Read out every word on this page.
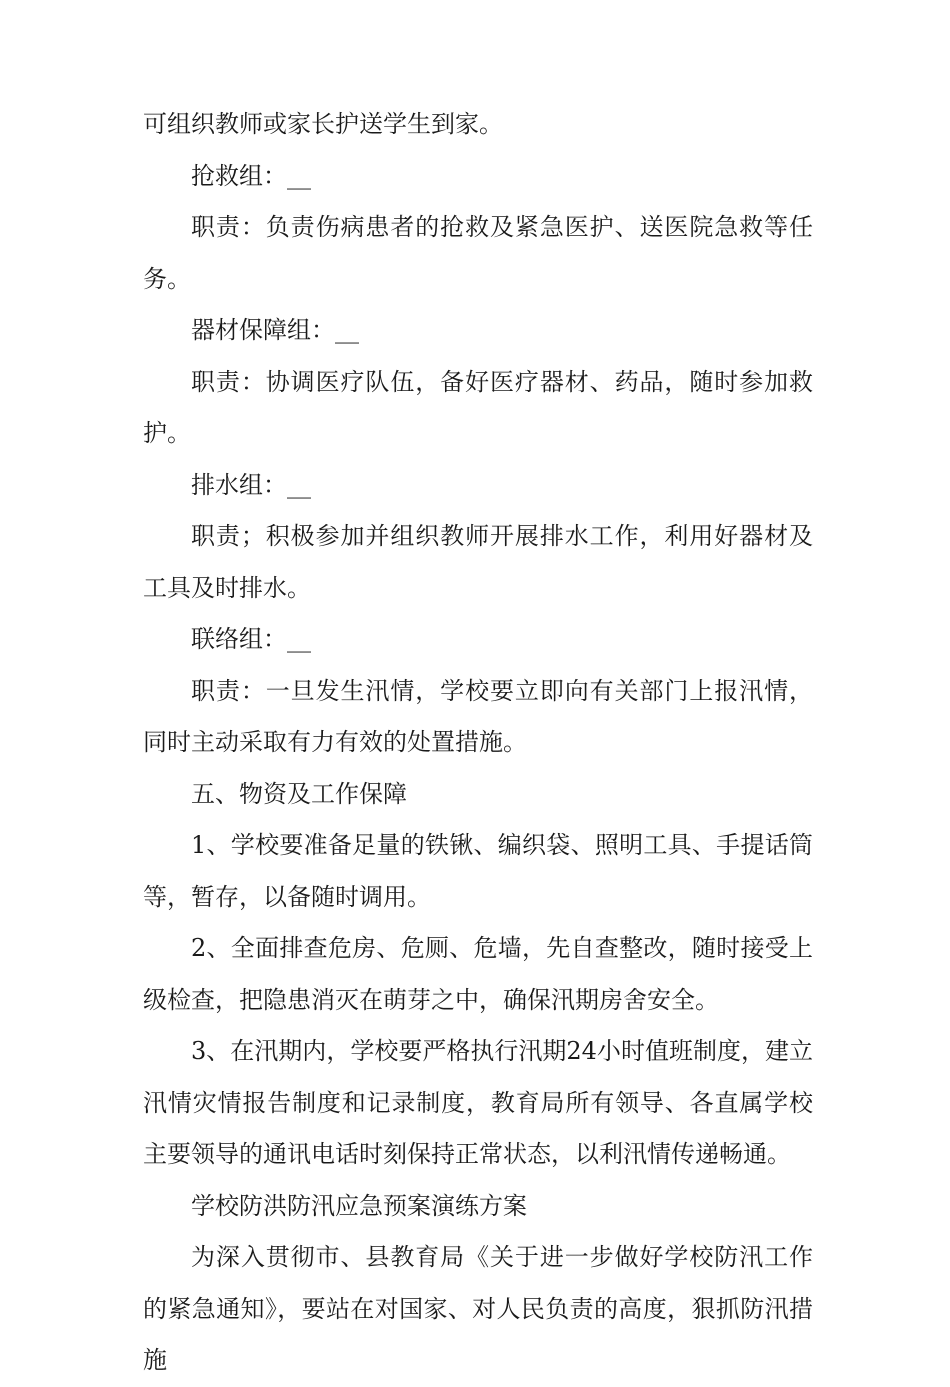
可组织教师或家长护送学生到家。

抢救组：__

职责：负责伤病患者的抢救及紧急医护、送医院急救等任务。

器材保障组：__

职责：协调医疗队伍，备好医疗器材、药品，随时参加救护。

排水组：__

职责；积极参加并组织教师开展排水工作，利用好器材及工具及时排水。

联络组：__

职责：一旦发生汛情，学校要立即向有关部门上报汛情，同时主动采取有力有效的处置措施。

五、物资及工作保障

1、学校要准备足量的铁锹、编织袋、照明工具、手提话筒等，暂存，以备随时调用。

2、全面排查危房、危厕、危墙，先自查整改，随时接受上级检查，把隐患消灭在萌芽之中，确保汛期房舍安全。

3、在汛期内，学校要严格执行汛期24小时值班制度，建立汛情灾情报告制度和记录制度，教育局所有领导、各直属学校主要领导的通讯电话时刻保持正常状态，以利汛情传递畅通。

学校防洪防汛应急预案演练方案

为深入贯彻市、县教育局《关于进一步做好学校防汛工作的紧急通知》，要站在对国家、对人民负责的高度，狠抓防汛措施
